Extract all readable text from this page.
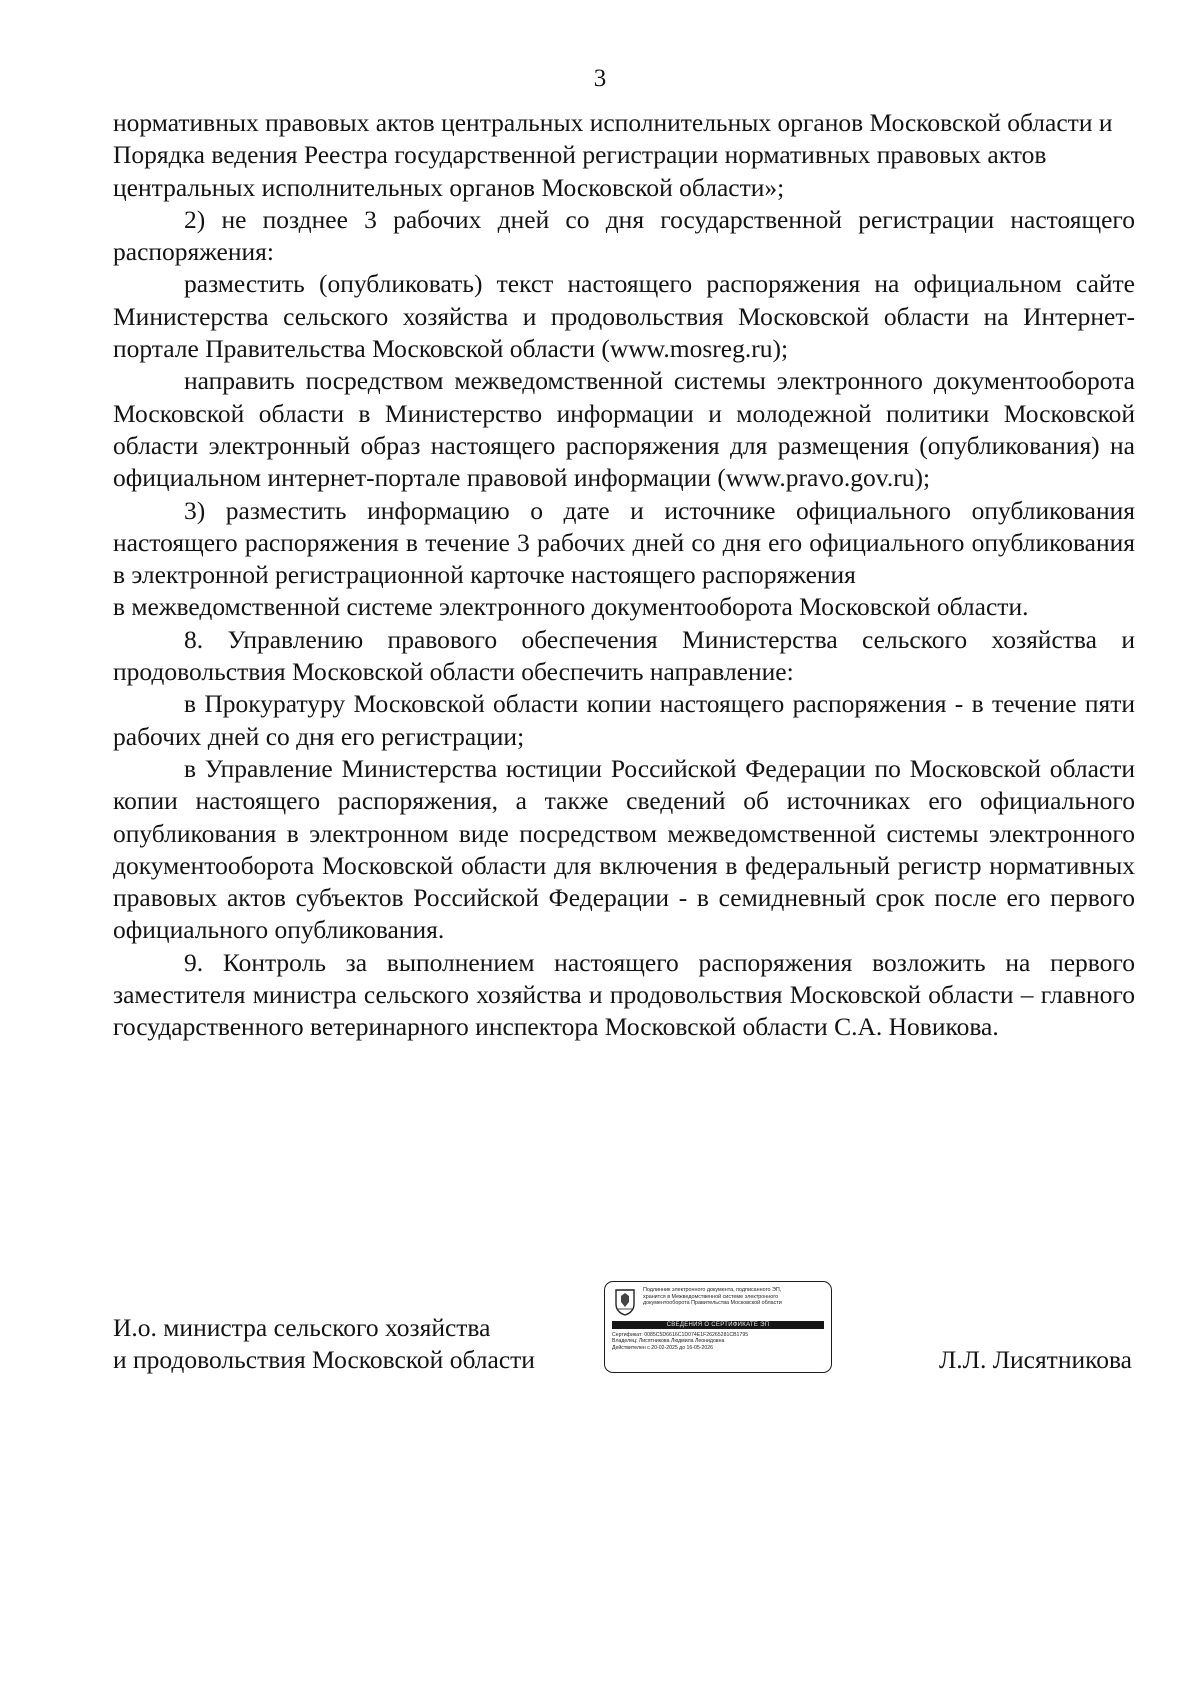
3

нормативных правовых актов центральных исполнительных органов Московской области и Порядка ведения Реестра государственной регистрации нормативных правовых актов центральных исполнительных органов Московской области»;

2) не позднее 3 рабочих дней со дня государственной регистрации настоящего распоряжения:

разместить (опубликовать) текст настоящего распоряжения на официальном сайте Министерства сельского хозяйства и продовольствия Московской области на Интернет-портале Правительства Московской области (www.mosreg.ru);

направить посредством межведомственной системы электронного документооборота Московской области в Министерство информации и молодежной политики Московской области электронный образ настоящего распоряжения для размещения (опубликования) на официальном интернет-портале правовой информации (www.pravo.gov.ru);

3) разместить информацию о дате и источнике официального опубликования настоящего распоряжения в течение 3 рабочих дней со дня его официального опубликования в электронной регистрационной карточке настоящего распоряжения

в межведомственной системе электронного документооборота Московской области.

8. Управлению правового обеспечения Министерства сельского хозяйства и продовольствия Московской области обеспечить направление:

в Прокуратуру Московской области копии настоящего распоряжения - в течение пяти рабочих дней со дня его регистрации;

в Управление Министерства юстиции Российской Федерации по Московской области копии настоящего распоряжения, а также сведений об источниках его официального опубликования в электронном виде посредством межведомственной системы электронного документооборота Московской области для включения в федеральный регистр нормативных правовых актов субъектов Российской Федерации - в семидневный срок после его первого официального опубликования.

9. Контроль за выполнением настоящего распоряжения возложить на первого заместителя министра сельского хозяйства и продовольствия Московской области – главного государственного ветеринарного инспектора Московской области С.А. Новикова.

И.о. министра сельского хозяйства
и продовольствия Московской области
Подлинник электронного документа, подписанного ЭП,
хранится в Межведомственной системе электронного
документооборота Правительства Московской области
СВЕДЕНИЯ О СЕРТИФИКАТЕ ЭП
Сертификат: 0085C5D6616C1D074E1F26265281CB1795
Владелец: Лисятникова Людмила Леонидовна
Действителен с 20-02-2025 до 16-05-2026	Л.Л. Лисятникова
